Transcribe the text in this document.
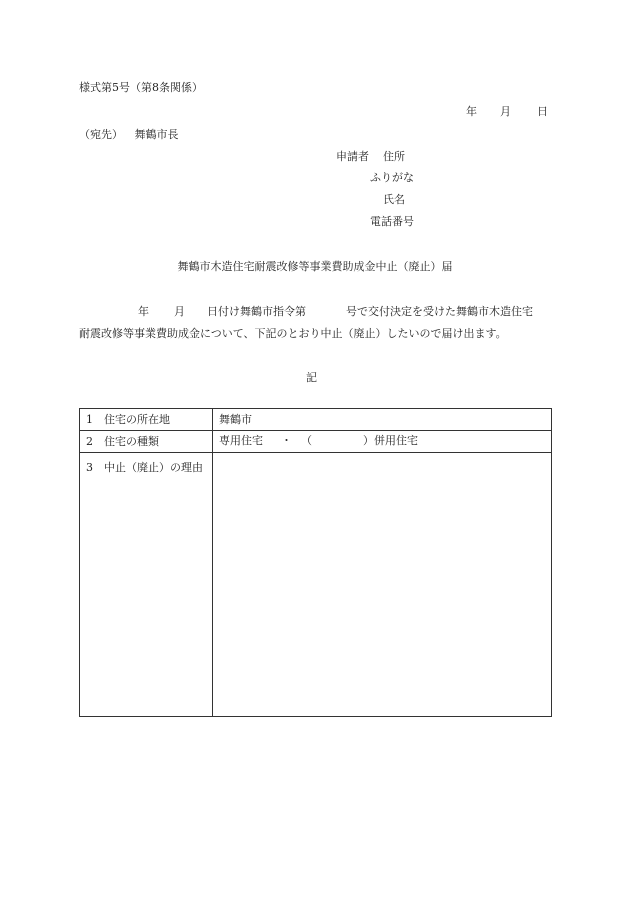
様式第5号（第8条関係）
年 月 日
（宛先） 舞鶴市長
申請者 住所
ふりがな
氏名
電話番号
舞鶴市木造住宅耐震改修等事業費助成金中止（廃止）届
年 月 日付け舞鶴市指令第	号で交付決定を受けた舞鶴市木造住宅
耐震改修等事業費助成金について、下記のとおり中止（廃止）したいので届け出ます。
記
1 住宅の所在地	舞鶴市
2 住宅の種類	専用住宅 ・ （ ）併用住宅

3 中止（廃止）の理由	
